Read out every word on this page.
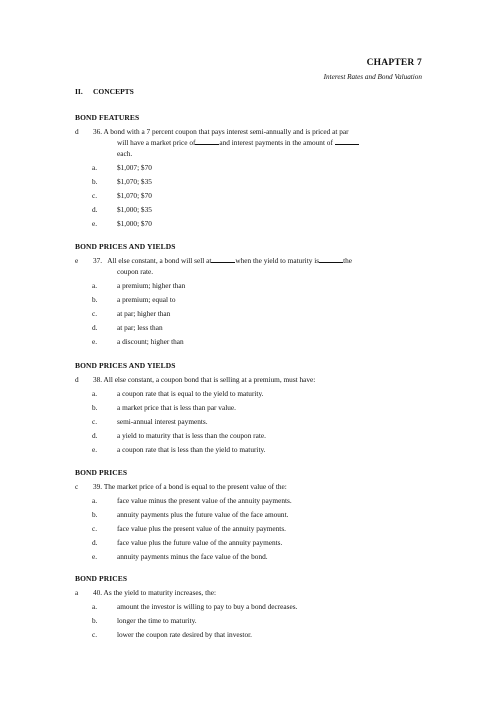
CHAPTER 7
Interest Rates and Bond Valuation
II. CONCEPTS
BOND FEATURES
d 36. A bond with a 7 percent coupon that pays interest semi-annually and is priced at par
will have a market price of	and interest payments in the amount of
each.
a.	$1,007; $70
b.	$1,070; $35
c.	$1,070; $70
d.	$1,000; $35
e.	$1,000; $70
BOND PRICES AND YIELDS
e 37. All else constant, a bond will sell at	when the yield to maturity is	the
coupon rate.
a.	a premium; higher than
b.	a premium; equal to
c.	at par; higher than
d.	at par; less than
e.	a discount; higher than
BOND PRICES AND YIELDS
d 38. All else constant, a coupon bond that is selling at a premium, must have:
a.	a coupon rate that is equal to the yield to maturity.
b.	a market price that is less than par value.
c.	semi-annual interest payments.
d.	a yield to maturity that is less than the coupon rate.
e.	a coupon rate that is less than the yield to maturity.
BOND PRICES
c 39. The market price of a bond is equal to the present value of the:
a.	face value minus the present value of the annuity payments.
b.	annuity payments plus the future value of the face amount.
c.	face value plus the present value of the annuity payments.
d.	face value plus the future value of the annuity payments.
e.	annuity payments minus the face value of the bond.
BOND PRICES
a 40. As the yield to maturity increases, the:
a.	amount the investor is willing to pay to buy a bond decreases.
b.	longer the time to maturity.
c.	lower the coupon rate desired by that investor.
